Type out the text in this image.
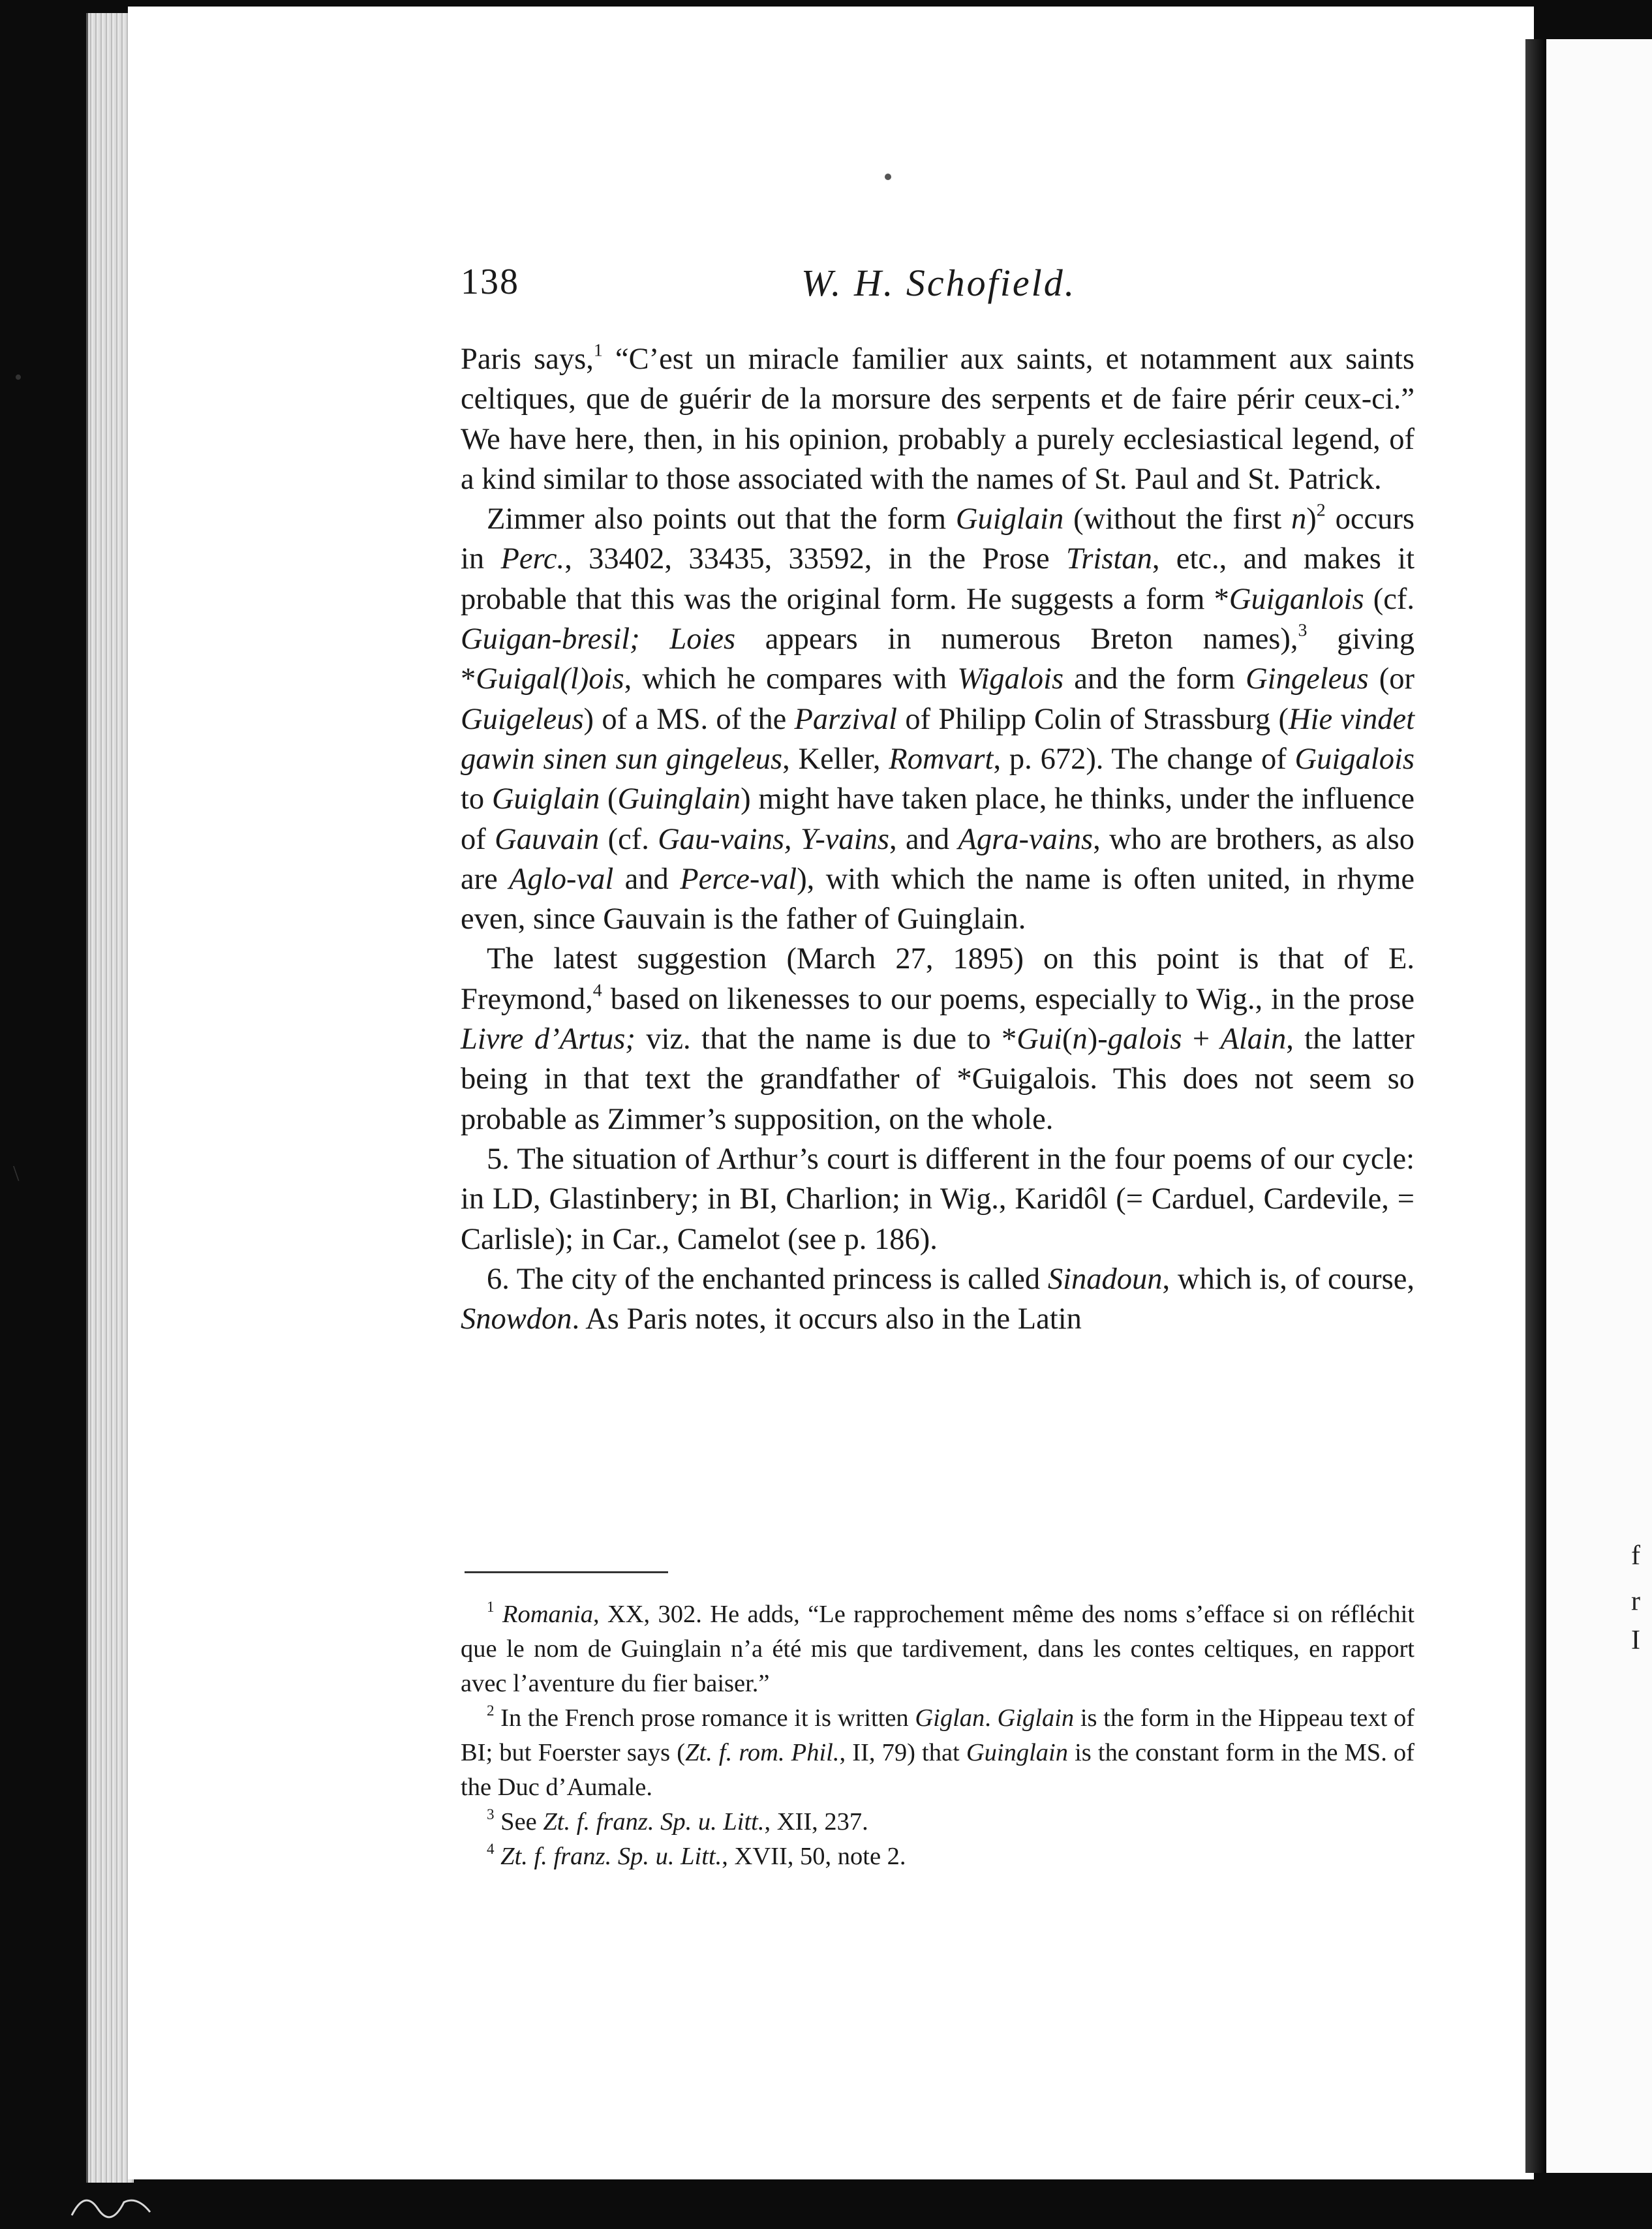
f
r
I
•
\
138	W. H. Schofield.

Paris says,$^1$ “C’est un miracle familier aux saints, et notamment aux saints celtiques, que de guérir de la morsure des serpents et de faire périr ceux-ci.” We have here, then, in his opinion, probably a purely ecclesiastical legend, of a kind similar to those associated with the names of St. Paul and St. Patrick.

Zimmer also points out that the form Guiglain (without the first n)$^2$ occurs in Perc., 33402, 33435, 33592, in the Prose Tristan, etc., and makes it probable that this was the original form. He suggests a form *Guiganlois (cf. Guigan-bresil; Loies appears in numerous Breton names),$^3$ giving *Guigal(l)ois, which he compares with Wigalois and the form Gingeleus (or Guigeleus) of a MS. of the Parzival of Philipp Colin of Strassburg (Hie vindet gawin sinen sun gingeleus, Keller, Romvart, p. 672). The change of Guigalois to Guiglain (Guinglain) might have taken place, he thinks, under the influence of Gauvain (cf. Gau-vains, Y-vains, and Agra-vains, who are brothers, as also are Aglo-val and Perce-val), with which the name is often united, in rhyme even, since Gauvain is the father of Guinglain.

The latest suggestion (March 27, 1895) on this point is that of E. Freymond,$^4$ based on likenesses to our poems, especially to Wig., in the prose Livre d’Artus; viz. that the name is due to *Gui(n)-galois + Alain, the latter being in that text the grandfather of *Guigalois. This does not seem so probable as Zimmer’s supposition, on the whole.

5. The situation of Arthur’s court is different in the four poems of our cycle: in LD, Glastinbery; in BI, Charlion; in Wig., Karidôl (= Carduel, Cardevile, = Carlisle); in Car., Camelot (see p. 186).

6. The city of the enchanted princess is called Sinadoun, which is, of course, Snowdon. As Paris notes, it occurs also in the Latin

$^1$ Romania, XX, 302. He adds, “Le rapprochement même des noms s’efface si on réfléchit que le nom de Guinglain n’a été mis que tardivement, dans les contes celtiques, en rapport avec l’aventure du fier baiser.”

$^2$ In the French prose romance it is written Giglan. Giglain is the form in the Hippeau text of BI; but Foerster says (Zt. f. rom. Phil., II, 79) that Guinglain is the constant form in the MS. of the Duc d’Aumale.

$^3$ See Zt. f. franz. Sp. u. Litt., XII, 237.

$^4$ Zt. f. franz. Sp. u. Litt., XVII, 50, note 2.
